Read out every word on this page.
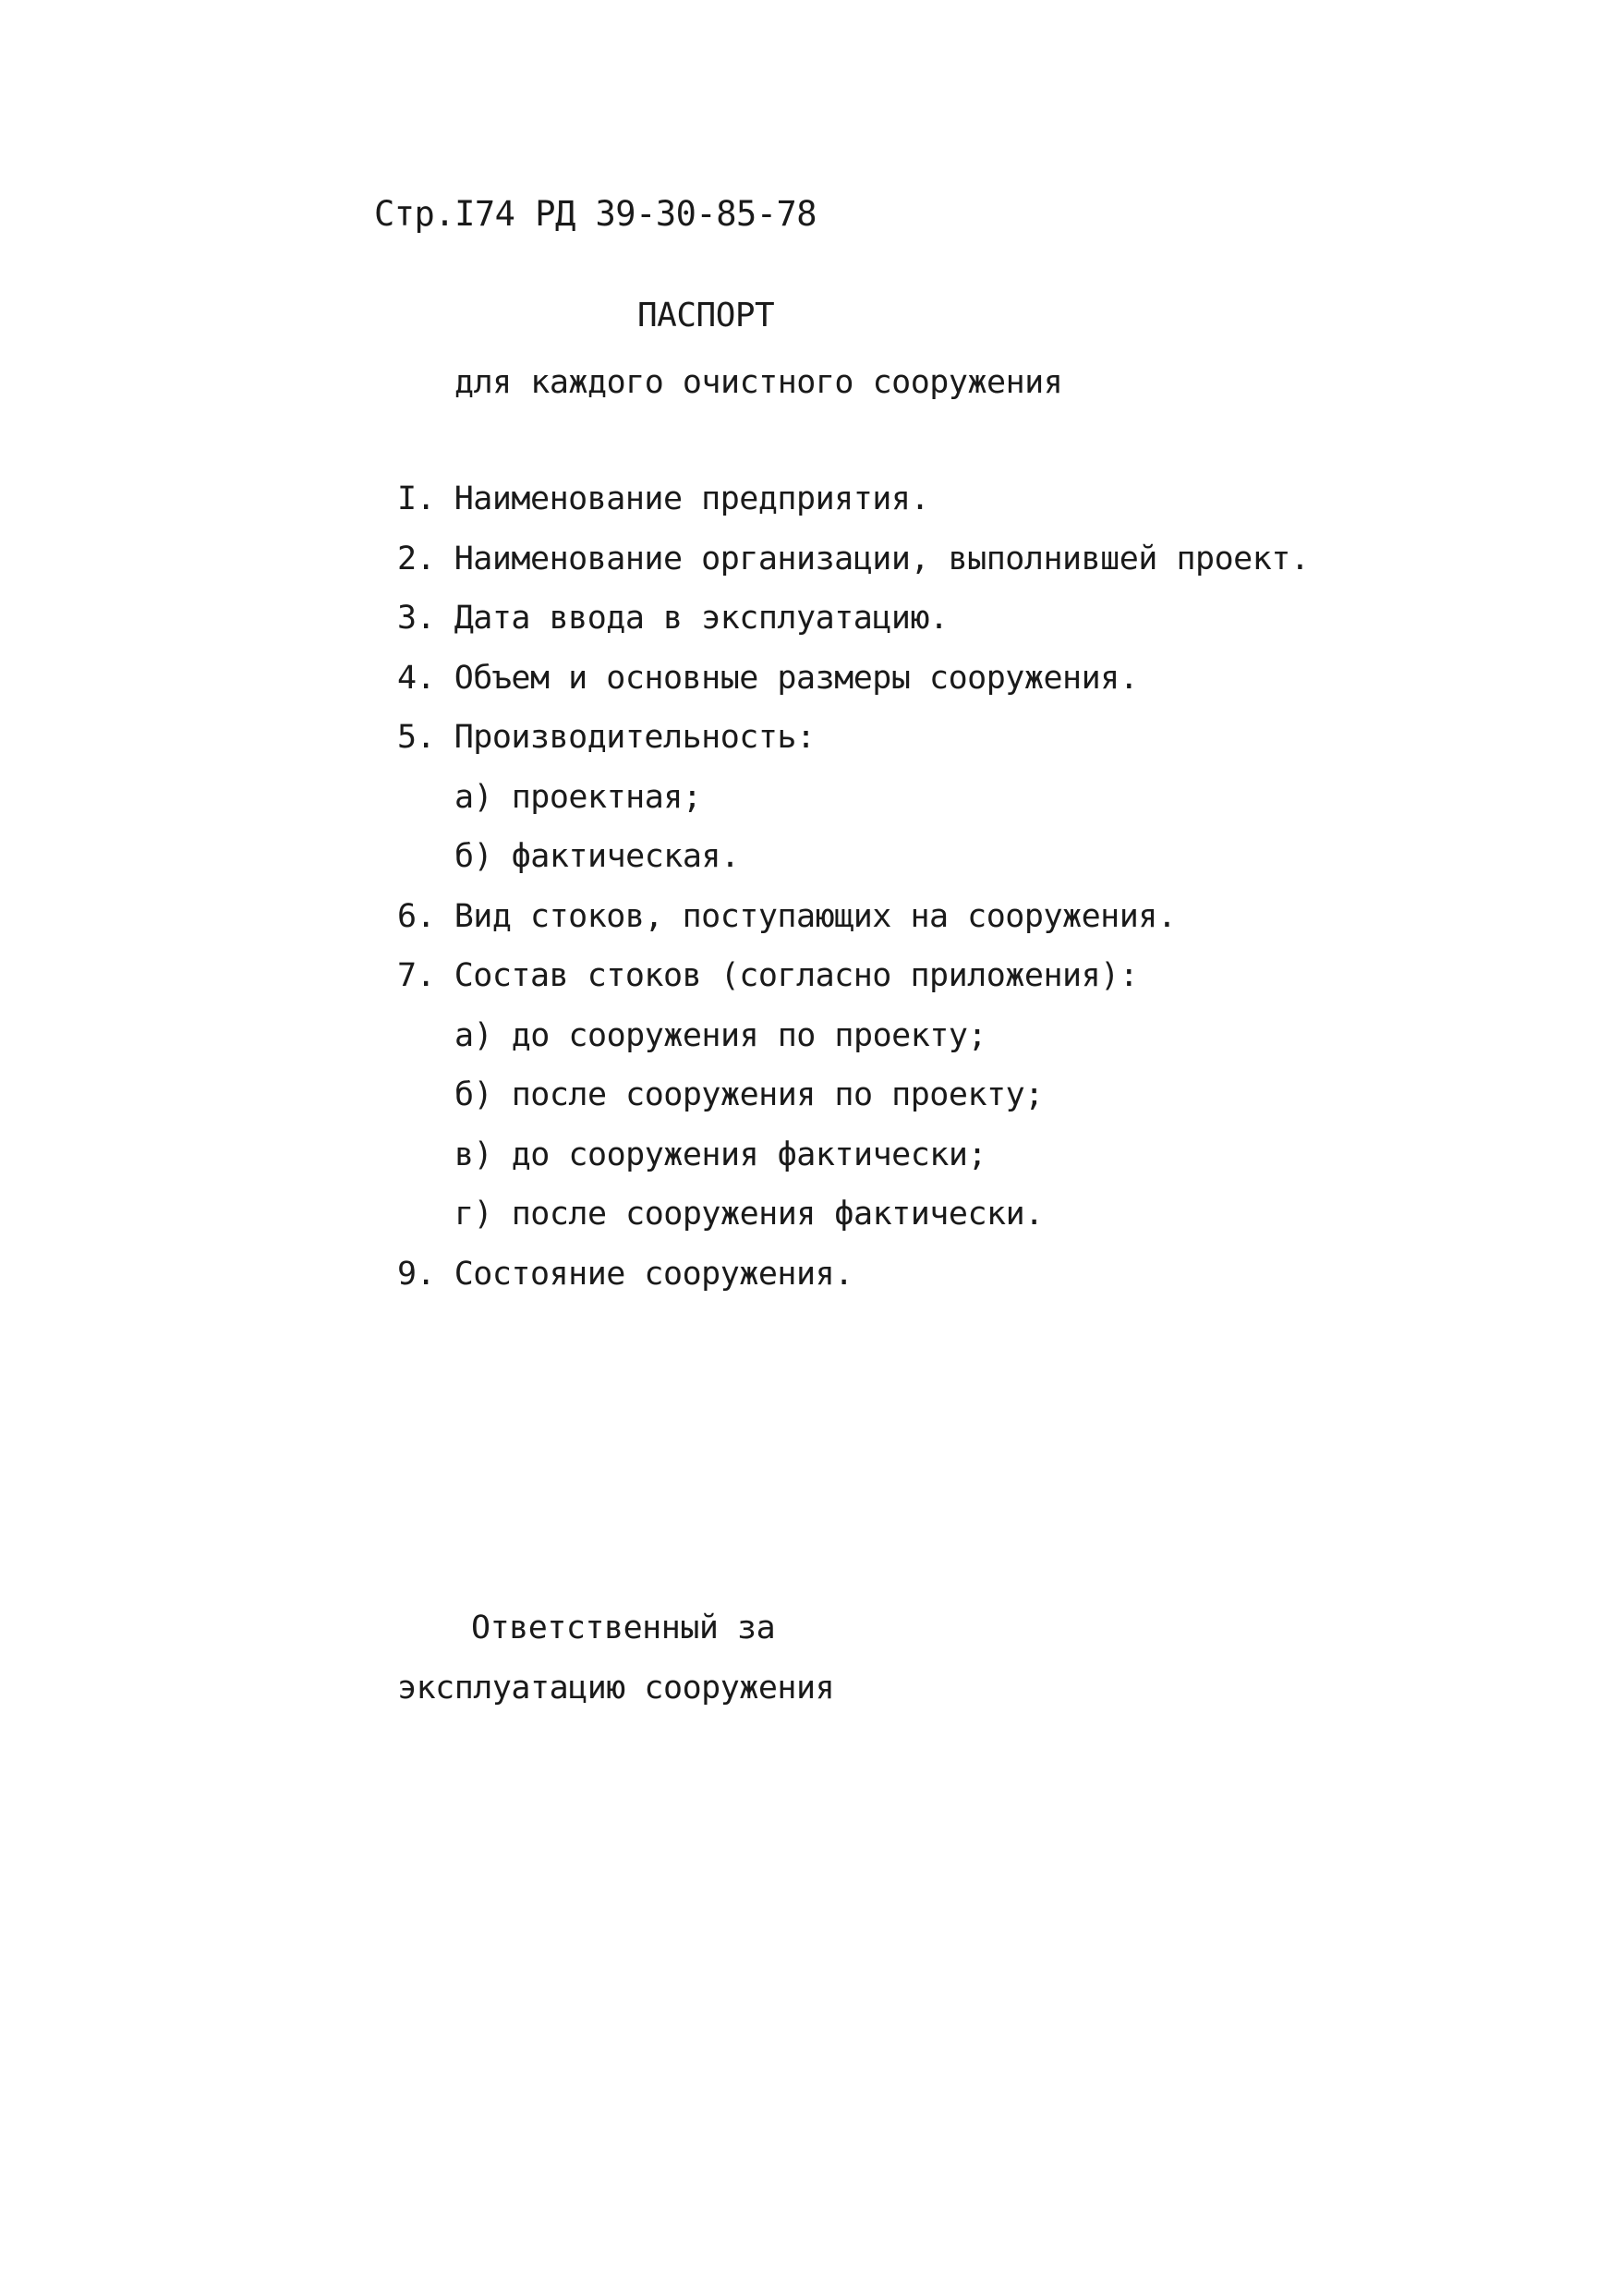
Стр.I74 РД 39-30-85-78
ПАСПОРТ
для каждого очистного сооружения
I. Наименование предприятия.
2. Наименование организации, выполнившей проект.
3. Дата ввода в эксплуатацию.
4. Объем и основные размеры сооружения.
5. Производительность:
а) проектная;
б) фактическая.
6. Вид стоков, поступающих на сооружения.
7. Состав стоков (согласно приложения):
а) до сооружения по проекту;
б) после сооружения по проекту;
в) до сооружения фактически;
г) после сооружения фактически.
9. Состояние сооружения.
Ответственный за
эксплуатацию сооружения
